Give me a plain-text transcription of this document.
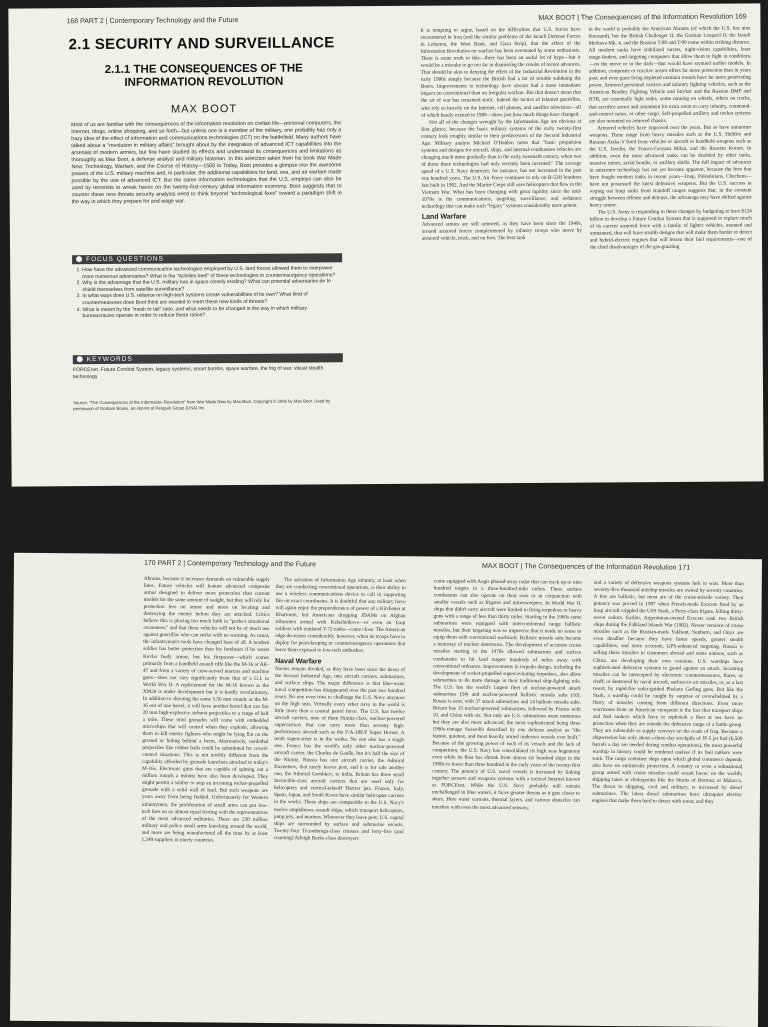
168 PART 2 | Contemporary Technology and the Future	MAX BOOT | The Consequences of the Information Revolution 169
2.1 SECURITY AND SURVEILLANCE
2.1.1 THE CONSEQUENCES OF THE
INFORMATION REVOLUTION
MAX BOOT
Most of us are familiar with the consequences of the information revolution on civilian life—personal computers, the Internet, blogs, online shopping, and so forth—but unless one is a member of the military, one probably has only a hazy idea of the effect of information and communications technologies (ICT) on the battlefield. Many authors have talked about a "revolution in military affairs" brought about by the integration of advanced ICT capabilities into the arsenals of modern armies, but few have studied its effects and understand its consequences and limitations as thoroughly as Max Boot, a defense analyst and military historian. In this selection taken from his book War Made New: Technology, Warfare, and the Course of History—1500 to Today, Boot provides a glimpse into the awesome powers of the U.S. military machine and, in particular, the additional capabilities for land, sea, and air warfare made possible by the use of advanced ICT. But the same information technologies that the U.S. employs can also be used by terrorists to wreak havoc on the twenty-first-century global information economy. Boot suggests that to counter these new threats security analysts need to think beyond "technological fixes" toward a paradigm shift in the way in which they prepare for and wage war.
FOCUS QUESTIONS
1. How have the advanced communication technologies employed by U.S. land forces allowed them to overpower more numerous adversaries? What is the "Achilles heel" of these technologies to counterinsurgency operations?
2. Why is the advantage that the U.S. military has in space closely eroding? What can potential adversaries do to shield themselves from satellite surveillance?
3. In what ways does U.S. reliance on high-tech systems create vulnerabilities of its own? What kind of countermeasures does Boot think are needed to meet these new kinds of threats?
4. What is meant by the "mesh to tail" ratio, and what needs to be changed in the way in which military bureaucracies operate in order to reduce these ratios?
KEYWORDS
FORCEnet, Future Combat System, legacy systems, smart bombs, space warfare, the fog of war, visual stealth technology
Source: "The Consequences of the Information Revolution" from War Made New by Max Boot. Copyright © 2006 by Max Boot. Used by permission of Gotham Books, an imprint of Penguin Group (USA) Inc.

It is tempting to argue, based on the difficulties that U.S. forces have encountered in Iraq (and the similar problems of the Israeli Defense Forces in Lebanon, the West Bank, and Gaza Strip), that the effect of the Information Revolution on warfare has been overstated by some enthusiasts. There is some truth to this—there has been an awful lot of hype—but it would be a mistake to go too far in dismissing the results of recent advances. That should be akin to denying the effect of the Industrial Revolution in the early 1900s simply because the British had a lot of trouble subduing the Boers. Improvements in technology have always had a more immediate impact on conventional than on irregular warfare. But that doesn't mean that the art of war has remained static. Indeed the tactics of Islamist guerrillas, who rely so heavily on the Internet, cell phones, and satellite television—all of which barely existed in 1980—show just how much things have changed.

Not all of the changes wrought by the Information Age are obvious at first glance, because the basic military systems of the early twenty-first century look roughly similar to their predecessors of the Second Industrial Age. Military analyst Michael O'Hanlon notes that "basic propulsion systems and designs for aircraft, ships, and internal-combustion vehicles are changing much more gradually than in the early twentieth century, when two of those three technologies had only recently been invented." The average speed of a U.S. Navy destroyer, for instance, has not increased in the past one hundred years. The U.S. Air Force continues to rely on B-52H bombers last built in 1962. And the Marine Corps still uses helicopters that flew in the Vietnam War. What has been changing with great rapidity since the mid-1970s is the communications, targeting, surveillance, and ordnance technology that can make such "legacy" systems considerably more potent.

Land Warfare

Advanced armies are still armored, as they have been since the 1940s, around armored forces complemented by infantry troops who move by armored vehicle, truck, and on foot. The best tank

in the world is probably the American Abrams (of which the U.S. has nine thousand), but the British Challenger II, the German Leopard II, the Israeli Merkava Mk. 4, and the Russian T-80 and T-90 come within striking distance. All modern tanks have stabilized turrets, night-vision capabilities, laser range-finders, and targeting computers that allow them to fight in conditions—on the move or in the dark—that would have stymied earlier models. In addition, composite or reactive armor offers far more protection than in years past, and even guns firing depleted uranium rounds have far more penetrating power. Armored personnel carriers and infantry fighting vehicles, such as the American Bradley Fighting Vehicle and Stryker and the Russian BMP and BTR, are essentially light tanks, some running on wheels, others on tracks, that sacrifice armor and armament for extra room to carry infantry, command-and-control suites, or other cargo. Self-propelled artillery and rocket systems are also mounted on armored chassis.

Armored vehicles have improved over the years. But so have antiarmor weapons. These range from heavy missiles such as the U.S. Hellfire and Russian Ataka-V fired from vehicles or aircraft to handheld weapons such as the U.S. Javelin, the Franco-German Milan, and the Russian Kornet. In addition, even the most advanced tanks can be disabled by other tanks, massive mines, aerial bombs, or artillery shells. The full impact of advances in antiarmor technology has not yet become apparent, because the foes that have fought modern tanks in recent years—Iraqi, Palestinians, Chechens—have not possessed the latest defensive weapons. But the U.S. success in wiping out Iraqi tanks from standoff ranges suggests that, in the constant struggle between offense and defense, the advantage may have shifted against heavy armor.

The U.S. Army is responding to these changes by budgeting at least $124 billion to develop a Future Combat System that is supposed to replace much of its current armored force with a family of lighter vehicles, manned and unmanned, that will have stealth designs that will make them harder to detect and hybrid-electric engines that will lessen their fuel requirements—one of the chief disadvantages of the gas-guzzling

170 PART 2 | Contemporary Technology and the Future	MAX BOOT | The Consequences of the Information Revolution 171

Abrams, because it increases demands on vulnerable supply lines. Future vehicles will feature advanced composite armor designed to deliver more protection than current models for the same amount of weight, but they will rely for protection less on armor and more on locating and destroying the enemy before they are attacked. Critics believe this is placing too much faith in "perfect situational awareness," and that these vehicles will not be of much use against guerrillas who can strike with no warning. As usual, the infantryman's tools have changed least of all. A modern soldier has better protection than his forebears if he wears Kevlar body armor, but his firepower—which comes primarily from a handheld assault rifle like the M-16 or AK-47 and from a variety of crew-served mortars and machine guns—does not vary significantly from that of a G.I. in World War II. A replacement for the M-16 known as the XM29 is under development but it is hardly revolutionary. In addition to shooting the same 5.56 mm rounds as the M-16 out of one barrel, it will have another barrel that can fire 20 mm high-explosive airburst projectiles to a range of half a mile. These mini grenades will come with embedded microchips that will control when they explode, allowing them to kill enemy fighters who might be lying flat on the ground or hiding behind a berm. Alternatively, nonlethal projectiles like rubber balls could be substituted for crowd-control situations. This is not terribly different from the capability afforded by grenade launchers attached to today's M-16s. Electronic guns that are capable of spitting out a million rounds a minute have also been developed. They might permit a soldier to stop an incoming rocket-propelled grenade with a solid wall of lead. But such weapons are years away from being fielded. Unfortunately for Western infantrymen, the proliferation of small arms can put low-tech foes on an almost equal footing with the representatives of the most advanced militaries. There are 250 million military and police small arms knocking around the world, and more are being manufactured all the time by at least 1,249 suppliers in ninety countries.

The salvation of Information Age infantry, at least when they are conducting conventional operations, is their ability to use a wireless communications device to call in supporting fire on exact coordinates. It is doubtful that any military force will again enjoy the preponderance of power of a Kitchener at Khartoum, but Americans dropping JDAMs on Afghan tribesmen armed with Kalashnikovs—or even on Iraqi soldiers with outdated T-72 tanks—came close. The American edge decreases considerably, however, when its troops have to deploy for peacekeeping or counterinsurgency operations that leave them exposed to low-tech ambushes.

Naval Warfare

Navies remain divided, as they have been since the dawn of the Second Industrial Age, into aircraft carriers, submarines, and surface ships. The major difference is that blue-water naval competition has disappeared over the past two hundred years. No one even tries to challenge the U.S. Navy anymore on the high seas. Virtually every other navy in the world is little more than a coastal patrol force. The U.S. has twelve aircraft carriers, nine of them Nimitz-class, nuclear-powered supercarriers that can carry more than seventy high-performance aircraft such as the F/A-18E/F Super Hornet. A tenth supercarrier is in the works. No one else has a single one. France has the world's only other nuclear-powered aircraft carrier, the Charles de Gaulle, but it's half the size of the Nimitz. Russia has one aircraft carrier, the Admiral Kuznetsov, that rarely leaves port, and it is for sale another one, the Admiral Gorshkov, to India. Britain has three small Invincible-class aircraft carriers that are used only for helicopters and vertical-takeoff Harrier jets. France, Italy, Spain, Japan, and South Korea have similar helicopter carriers in the works. These ships are comparable to the U.S. Navy's twelve amphibious assault ships, which transport helicopters, jump jets, and marines. Whenever they leave port, U.S. capital ships are surrounded by surface and submarine escorts. Twenty-four Ticonderoga-class cruisers and forty-five (and counting) Arleigh Burke-class destroyers

come equipped with Aegis phased-array radar that can track up to nine hundred targets in a three-hundred-mile radius. These surface combatants can also operate on their own or in conjunction with smaller vessels such as frigates and minesweepers. In World War II, ships that didn't carry aircraft were limited to firing torpedoes or heavy guns with a range of less than thirty miles. Starting in the 1960s some submarines were equipped with intercontinental range ballistic missiles, but their targeting was so imprecise that it made no sense to equip them with conventional warheads. Ballistic missile subs became a mainstay of nuclear deterrence. The development of accurate cruise missiles starting in the 1970s allowed submarines and surface combatants to hit land targets hundreds of miles away with conventional ordnance. Improvements in torpedo design, including the development of rocket-propelled supercavitating torpedoes, also allow submarines to do more damage in their traditional ship-fighting role. The U.S. has the world's largest fleet of nuclear-powered attack submarines (54) and nuclear-powered ballistic missile subs (16). Russia is next, with 37 attack submarines and 14 ballistic missile subs. Britain has 15 nuclear-powered submarines, followed by France with 10, and China with six. Not only are U.S. submarines more numerous but they are also more advanced, the most sophisticated being three 1990s-vintage Seawolfs described by one defense analyst as "the fastest, quietest, and most heavily armed undersea vessels ever built." Because of the growing power of each of its vessels and the lack of competition, the U.S. Navy has consolidated its high seas hegemony even while its fleet has shrunk from almost six hundred ships in the 1980s to fewer than three hundred in the early years of the twenty-first century. The potency of U.S. naval vessels is increased by linking together sensors and weapons systems with a tactical Internet known as FORCEnet. While the U.S. Navy probably will remain unchallenged in blue waters, it faces greater threats as it gets closer to shore. Here water currents, thermal layers, and various obstacles can interfere with even the most advanced sensors,

and a variety of defensive weapons systems lurk in wait. More than seventy-five thousand antiship missiles are owned by seventy countries. A few are ballistic, but most are of the cruise-missile variety. Their potency was proved in 1987 when French-made Exocets fired by an Iraqi aircraft crippled the USS Stark, a Perry-class frigate, killing thirty-seven sailors. Earlier, Argentinian-owned Exocets sank two British ships during the Falkland Islands War (1982). Newer versions of cruise missiles such as the Russian-made Yakhont, Sunburn, and Onyx are even deadlier because they have faster speeds, greater stealth capabilities, and more accurate, GPS-enhanced targeting. Russia is selling these missiles to customers abroad and some nations, such as China, are developing their own versions. U.S. warships have sophisticated defensive systems to guard against an attack. Incoming missiles can be intercepted by electronic countermeasures, flares, or chaff, or destroyed by naval aircraft, surface-to-air missiles, or, as a last resort, by rapid-fire radar-guided Phalanx Gatling guns. But like the Stark, a warship could be caught by surprise or overwhelmed by a flurry of missiles coming from different directions. Even more worrisome from an American viewpoint is the fact that transport ships and fuel tankers which have to replenish a fleet at sea have no protection when they are outside the defensive range of a battle group. They are vulnerable as supply convoys on the roads of Iraq. Because a shipwrecker has only about a three-day stockpile of JP-5 jet fuel (6,500 barrels a day are needed during combat operations), the most powerful warship in history could be rendered useless if its fuel tankers were sunk. The cargo container ships upon which global commerce depends also have no antimissile protection. A country or even a subnational group armed with cruise missiles could wreak havoc on the world's shipping lanes at chokepoints like the Straits of Hormuz or Malacca. The threat to shipping, civil and military, is increased by diesel submarines. The latest diesel submarines have ultraquiet electric engines that make them hard to detect with sonar, and they
